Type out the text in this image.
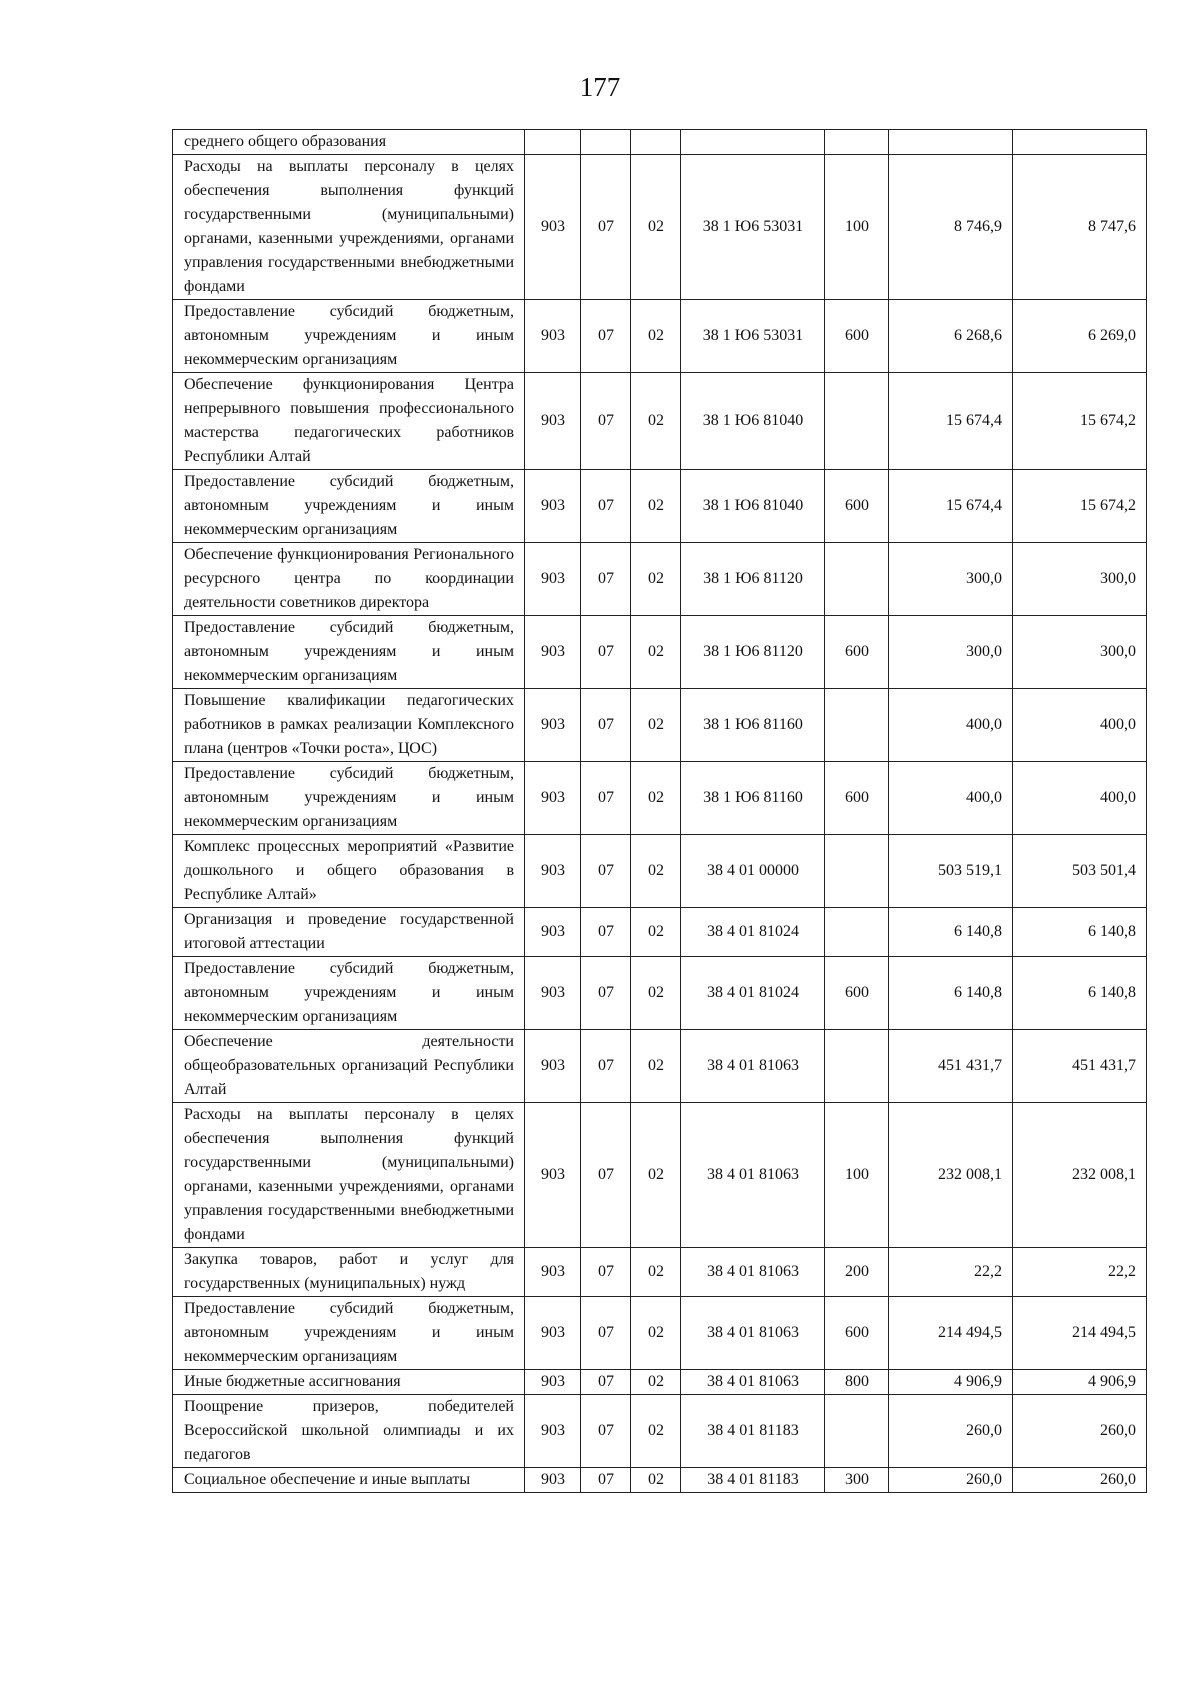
177
среднего общего образования							
Расходы на выплаты персоналу в целях обеспечения выполнения функций государственными (муниципальными) органами, казенными учреждениями, органами управления государственными внебюджетными фондами	903	07	02	38 1 Ю6 53031	100	8 746,9	8 747,6
Предоставление субсидий бюджетным, автономным учреждениям и иным некоммерческим организациям	903	07	02	38 1 Ю6 53031	600	6 268,6	6 269,0
Обеспечение функционирования Центра непрерывного повышения профессионального мастерства педагогических работников Республики Алтай	903	07	02	38 1 Ю6 81040		15 674,4	15 674,2
Предоставление субсидий бюджетным, автономным учреждениям и иным некоммерческим организациям	903	07	02	38 1 Ю6 81040	600	15 674,4	15 674,2
Обеспечение функционирования Регионального ресурсного центра по координации деятельности советников директора	903	07	02	38 1 Ю6 81120		300,0	300,0
Предоставление субсидий бюджетным, автономным учреждениям и иным некоммерческим организациям	903	07	02	38 1 Ю6 81120	600	300,0	300,0
Повышение квалификации педагогических работников в рамках реализации Комплексного плана (центров «Точки роста», ЦОС)	903	07	02	38 1 Ю6 81160		400,0	400,0
Предоставление субсидий бюджетным, автономным учреждениям и иным некоммерческим организациям	903	07	02	38 1 Ю6 81160	600	400,0	400,0
Комплекс процессных мероприятий «Развитие дошкольного и общего образования в Республике Алтай»	903	07	02	38 4 01 00000		503 519,1	503 501,4
Организация и проведение государственной итоговой аттестации	903	07	02	38 4 01 81024		6 140,8	6 140,8
Предоставление субсидий бюджетным, автономным учреждениям и иным некоммерческим организациям	903	07	02	38 4 01 81024	600	6 140,8	6 140,8
Обеспечение деятельности общеобразовательных организаций Республики Алтай	903	07	02	38 4 01 81063		451 431,7	451 431,7
Расходы на выплаты персоналу в целях обеспечения выполнения функций государственными (муниципальными) органами, казенными учреждениями, органами управления государственными внебюджетными фондами	903	07	02	38 4 01 81063	100	232 008,1	232 008,1
Закупка товаров, работ и услуг для государственных (муниципальных) нужд	903	07	02	38 4 01 81063	200	22,2	22,2
Предоставление субсидий бюджетным, автономным учреждениям и иным некоммерческим организациям	903	07	02	38 4 01 81063	600	214 494,5	214 494,5
Иные бюджетные ассигнования	903	07	02	38 4 01 81063	800	4 906,9	4 906,9
Поощрение призеров, победителей Всероссийской школьной олимпиады и их педагогов	903	07	02	38 4 01 81183		260,0	260,0
Социальное обеспечение и иные выплаты	903	07	02	38 4 01 81183	300	260,0	260,0
